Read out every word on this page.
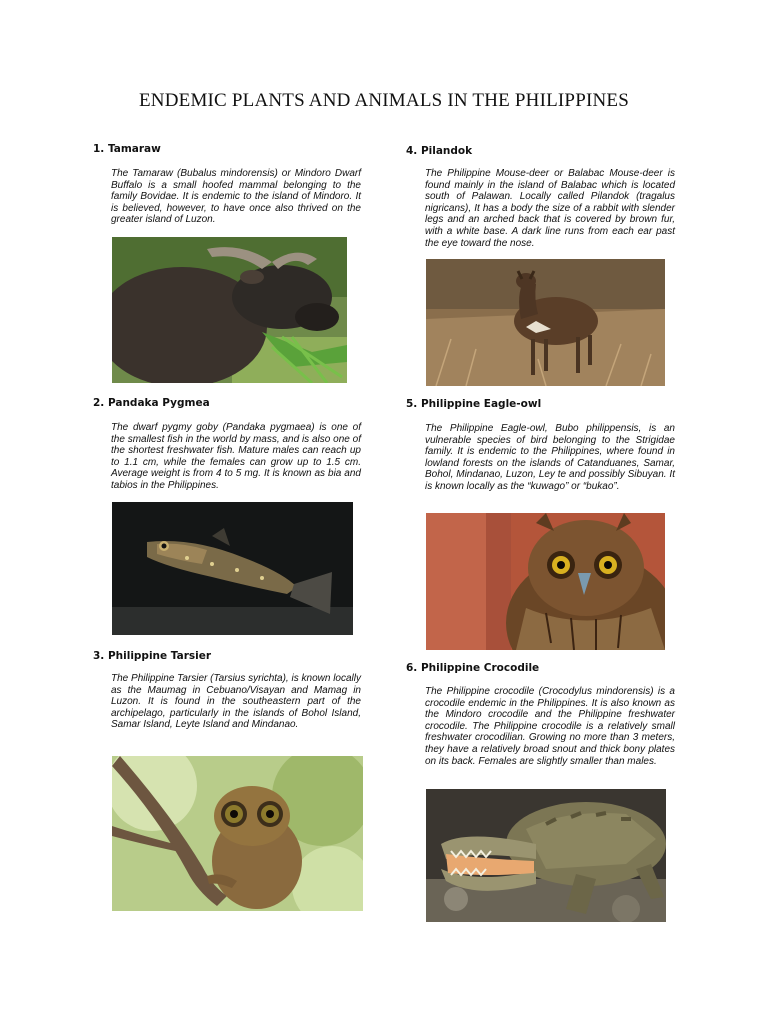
ENDEMIC PLANTS AND ANIMALS IN THE PHILIPPINES
1. Tamaraw

The Tamaraw (Bubalus mindorensis) or Mindoro Dwarf Buffalo is a small hoofed mammal belonging to the family Bovidae. It is endemic to the island of Mindoro. It is believed, however, to have once also thrived on the greater island of Luzon.

2. Pandaka Pygmea

The dwarf pygmy goby (Pandaka pygmaea) is one of the smallest fish in the world by mass, and is also one of the shortest freshwater fish. Mature males can reach up to 1.1 cm, while the females can grow up to 1.5 cm. Average weight is from 4 to 5 mg. It is known as bia and tabios in the Philippines.

3. Philippine Tarsier

The Philippine Tarsier (Tarsius syrichta), is known locally as the Maumag in Cebuano/Visayan and Mamag in Luzon. It is found in the southeastern part of the archipelago, particularly in the islands of Bohol Island, Samar Island, Leyte Island and Mindanao.

4. Pilandok

The Philippine Mouse-deer or Balabac Mouse-deer is found mainly in the island of Balabac which is located south of Palawan. Locally called Pilandok (tragalus nigricans), It has a body the size of a rabbit with slender legs and an arched back that is covered by brown fur, with a white base. A dark line runs from each ear past the eye toward the nose.

5. Philippine Eagle-owl

The Philippine Eagle-owl, Bubo philippensis, is an vulnerable species of bird belonging to the Strigidae family. It is endemic to the Philippines, where found in lowland forests on the islands of Catanduanes, Samar, Bohol, Mindanao, Luzon, Ley te and possibly Sibuyan. It is known locally as the “kuwago” or “bukao”.

6. Philippine Crocodile

The Philippine crocodile (Crocodylus mindorensis) is a crocodile endemic in the Philippines. It is also known as the Mindoro crocodile and the Philippine freshwater crocodile. The Philippine crocodile is a relatively small freshwater crocodilian. Growing no more than 3 meters, they have a relatively broad snout and thick bony plates on its back. Females are slightly smaller than males.
